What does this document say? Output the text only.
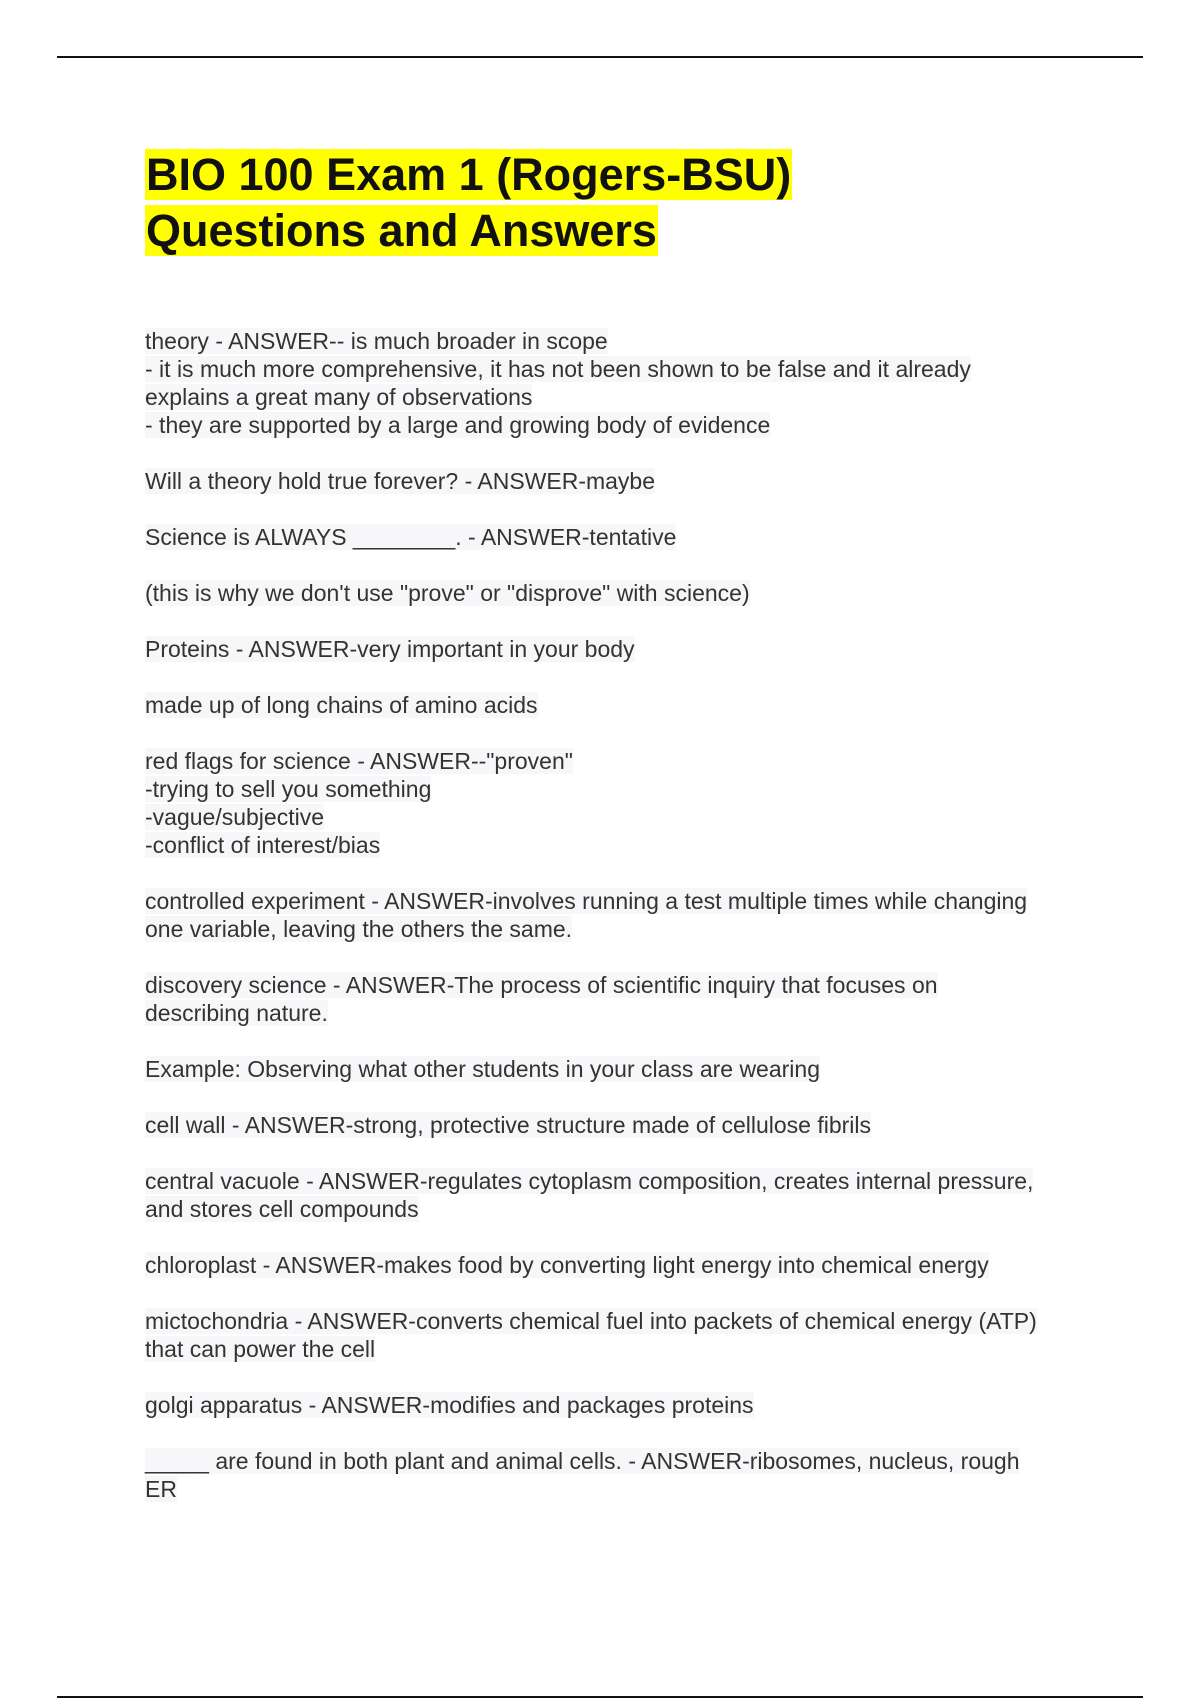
BIO 100 Exam 1 (Rogers-BSU)
Questions and Answers
theory - ANSWER-- is much broader in scope
- it is much more comprehensive, it has not been shown to be false and it already explains a great many of observations
- they are supported by a large and growing body of evidence
Will a theory hold true forever? - ANSWER-maybe
Science is ALWAYS ________. - ANSWER-tentative
(this is why we don't use "prove" or "disprove" with science)
Proteins - ANSWER-very important in your body
made up of long chains of amino acids
red flags for science - ANSWER--"proven"
-trying to sell you something
-vague/subjective
-conflict of interest/bias
controlled experiment - ANSWER-involves running a test multiple times while changing one variable, leaving the others the same.
discovery science - ANSWER-The process of scientific inquiry that focuses on describing nature.
Example: Observing what other students in your class are wearing
cell wall - ANSWER-strong, protective structure made of cellulose fibrils
central vacuole - ANSWER-regulates cytoplasm composition, creates internal pressure, and stores cell compounds
chloroplast - ANSWER-makes food by converting light energy into chemical energy
mictochondria - ANSWER-converts chemical fuel into packets of chemical energy (ATP) that can power the cell
golgi apparatus - ANSWER-modifies and packages proteins
_____ are found in both plant and animal cells. - ANSWER-ribosomes, nucleus, rough ER
